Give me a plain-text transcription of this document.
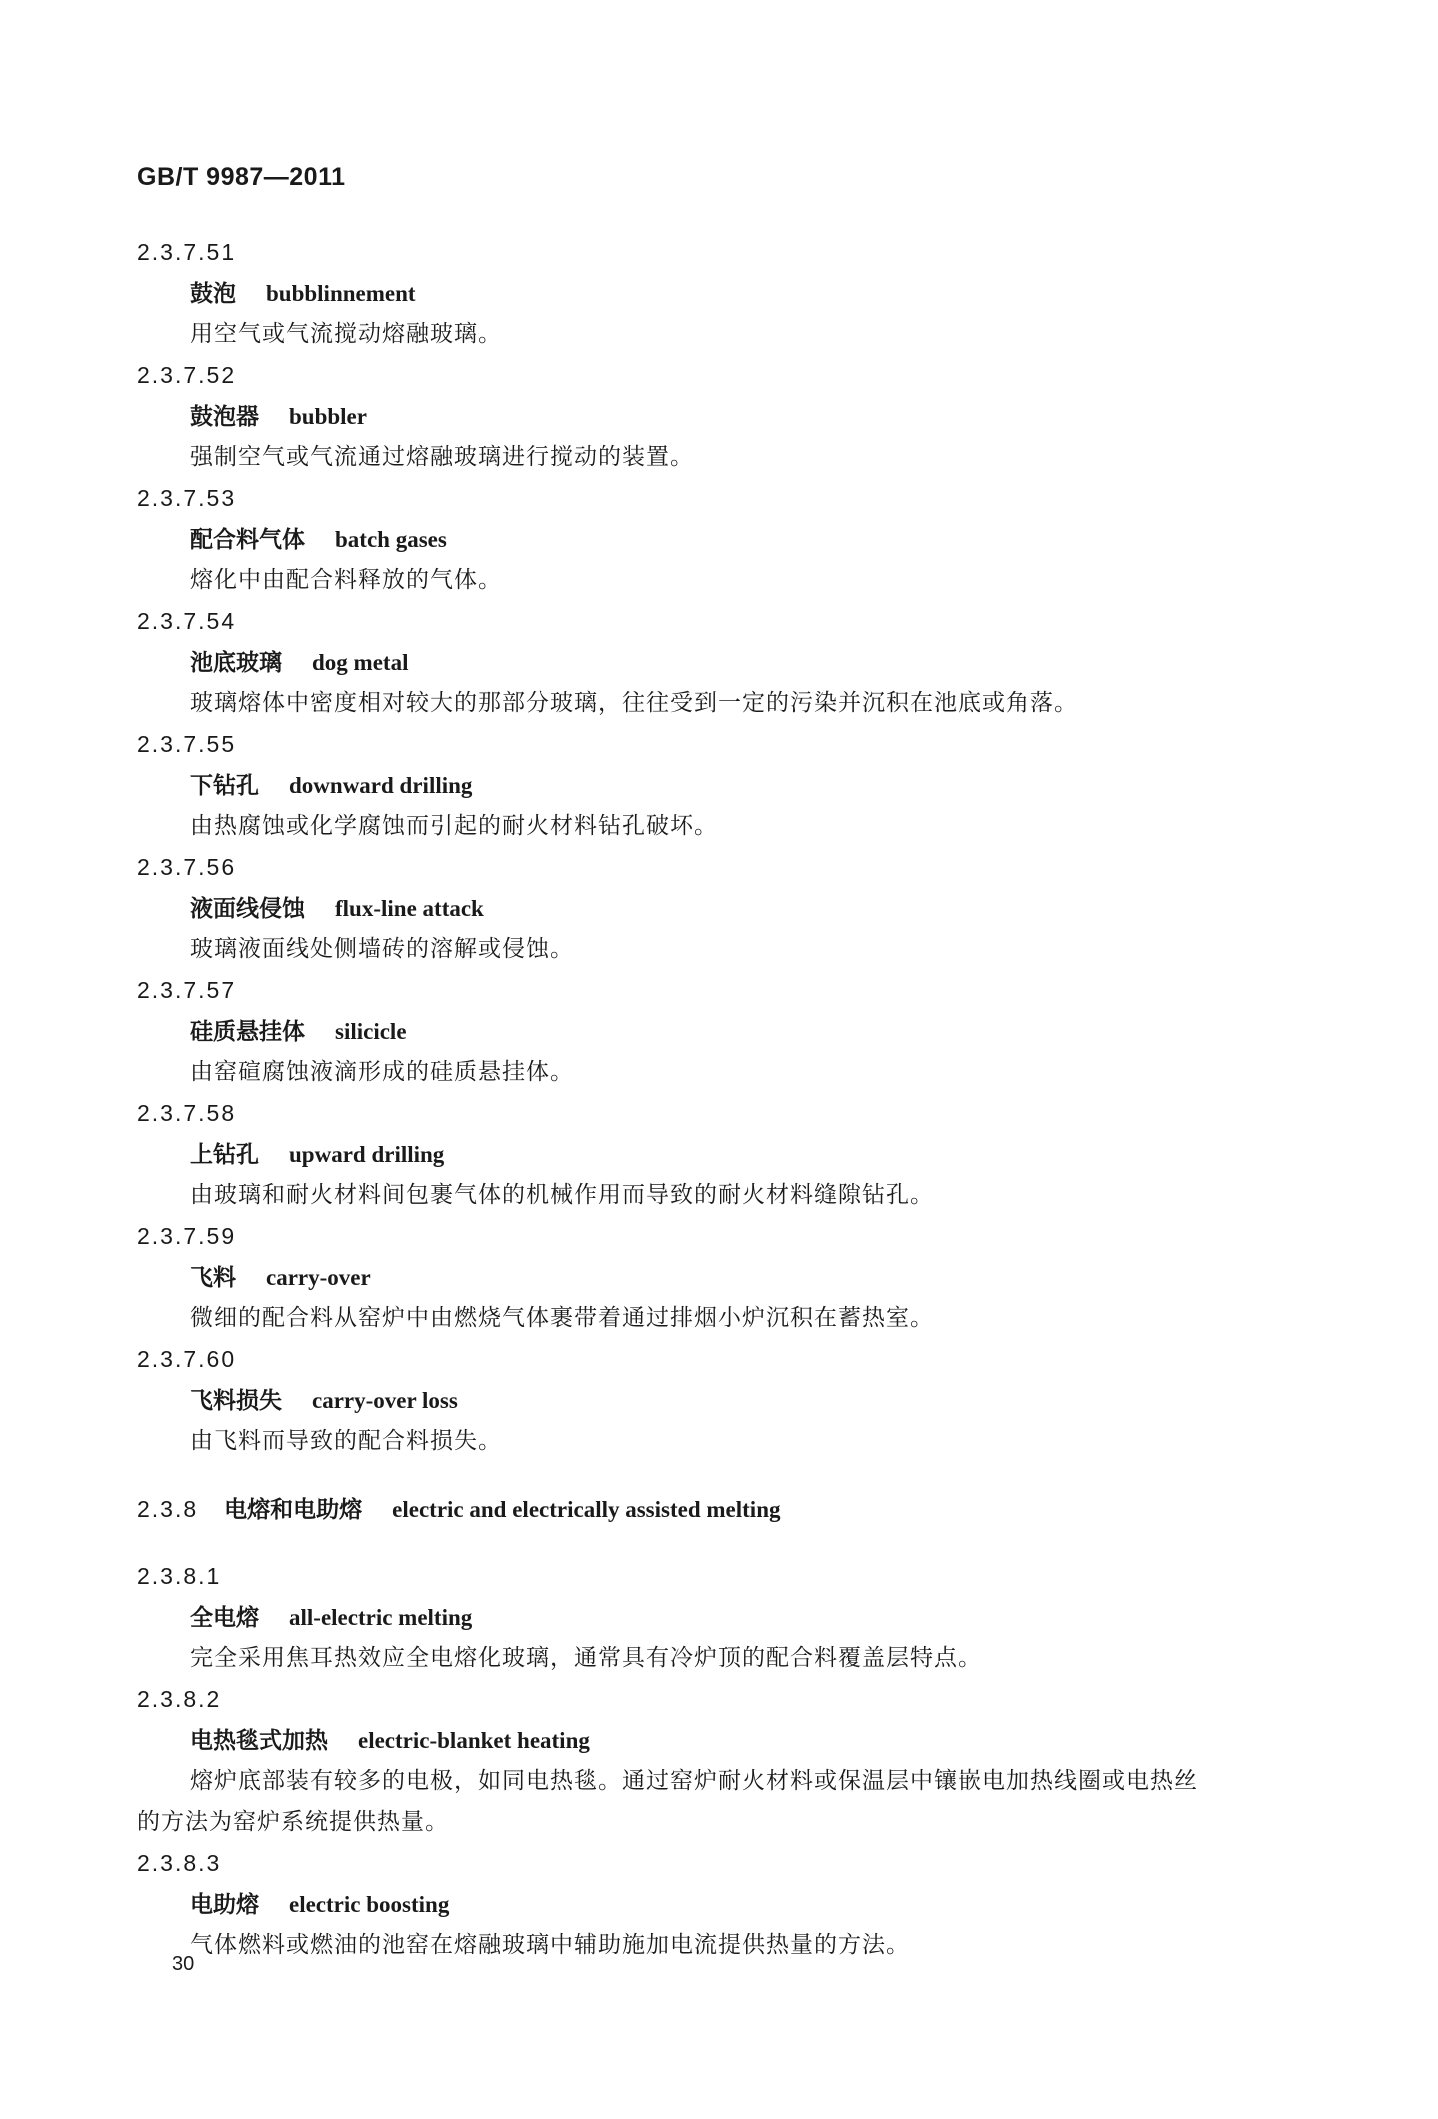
GB/T 9987—2011
2.3.7.51
鼓泡 bubblinnement
用空气或气流搅动熔融玻璃。
2.3.7.52
鼓泡器 bubbler
强制空气或气流通过熔融玻璃进行搅动的装置。
2.3.7.53
配合料气体 batch gases
熔化中由配合料释放的气体。
2.3.7.54
池底玻璃 dog metal
玻璃熔体中密度相对较大的那部分玻璃，往往受到一定的污染并沉积在池底或角落。
2.3.7.55
下钻孔 downward drilling
由热腐蚀或化学腐蚀而引起的耐火材料钻孔破坏。
2.3.7.56
液面线侵蚀 flux-line attack
玻璃液面线处侧墙砖的溶解或侵蚀。
2.3.7.57
硅质悬挂体 silicicle
由窑碹腐蚀液滴形成的硅质悬挂体。
2.3.7.58
上钻孔 upward drilling
由玻璃和耐火材料间包裹气体的机械作用而导致的耐火材料缝隙钻孔。
2.3.7.59
飞料 carry-over
微细的配合料从窑炉中由燃烧气体裹带着通过排烟小炉沉积在蓄热室。
2.3.7.60
飞料损失 carry-over loss
由飞料而导致的配合料损失。
2.3.8 电熔和电助熔 electric and electrically assisted melting
2.3.8.1
全电熔 all-electric melting
完全采用焦耳热效应全电熔化玻璃，通常具有冷炉顶的配合料覆盖层特点。
2.3.8.2
电热毯式加热 electric-blanket heating
熔炉底部装有较多的电极，如同电热毯。通过窑炉耐火材料或保温层中镶嵌电加热线圈或电热丝
的方法为窑炉系统提供热量。
2.3.8.3
电助熔 electric boosting
气体燃料或燃油的池窑在熔融玻璃中辅助施加电流提供热量的方法。
30
